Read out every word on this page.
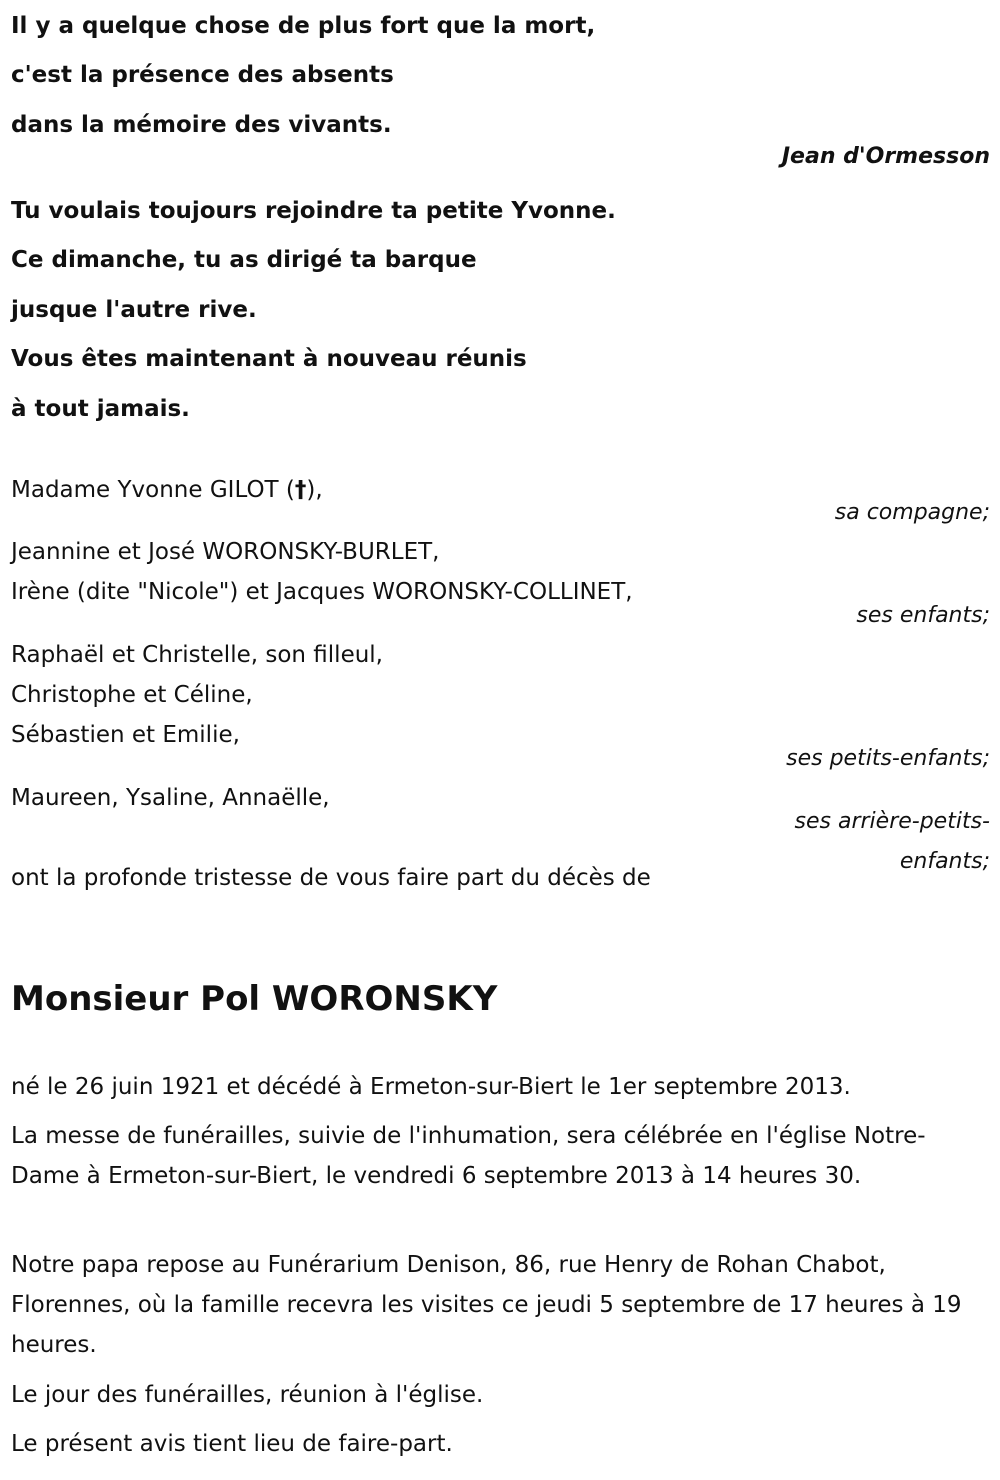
Il y a quelque chose de plus fort que la mort,
c'est la présence des absents
dans la mémoire des vivants.
Jean d'Ormesson
Tu voulais toujours rejoindre ta petite Yvonne.
Ce dimanche, tu as dirigé ta barque
jusque l'autre rive.
Vous êtes maintenant à nouveau réunis
à tout jamais.
Madame Yvonne GILOT (†),
sa compagne;
Jeannine et José WORONSKY-BURLET,
Irène (dite "Nicole") et Jacques WORONSKY-COLLINET,
ses enfants;
Raphaël et Christelle, son filleul,
Christophe et Céline,
Sébastien et Emilie,
ses petits-enfants;
Maureen, Ysaline, Annaëlle,
ses arrière-petits-
enfants;
ont la profonde tristesse de vous faire part du décès de
Monsieur Pol WORONSKY
né le 26 juin 1921 et décédé à Ermeton-sur-Biert le 1er septembre 2013.
La messe de funérailles, suivie de l'inhumation, sera célébrée en l'église Notre-Dame à Ermeton-sur-Biert, le vendredi 6 septembre 2013 à 14 heures 30.
Notre papa repose au Funérarium Denison, 86, rue Henry de Rohan Chabot, Florennes, où la famille recevra les visites ce jeudi 5 septembre de 17 heures à 19 heures.
Le jour des funérailles, réunion à l'église.
Le présent avis tient lieu de faire-part.
